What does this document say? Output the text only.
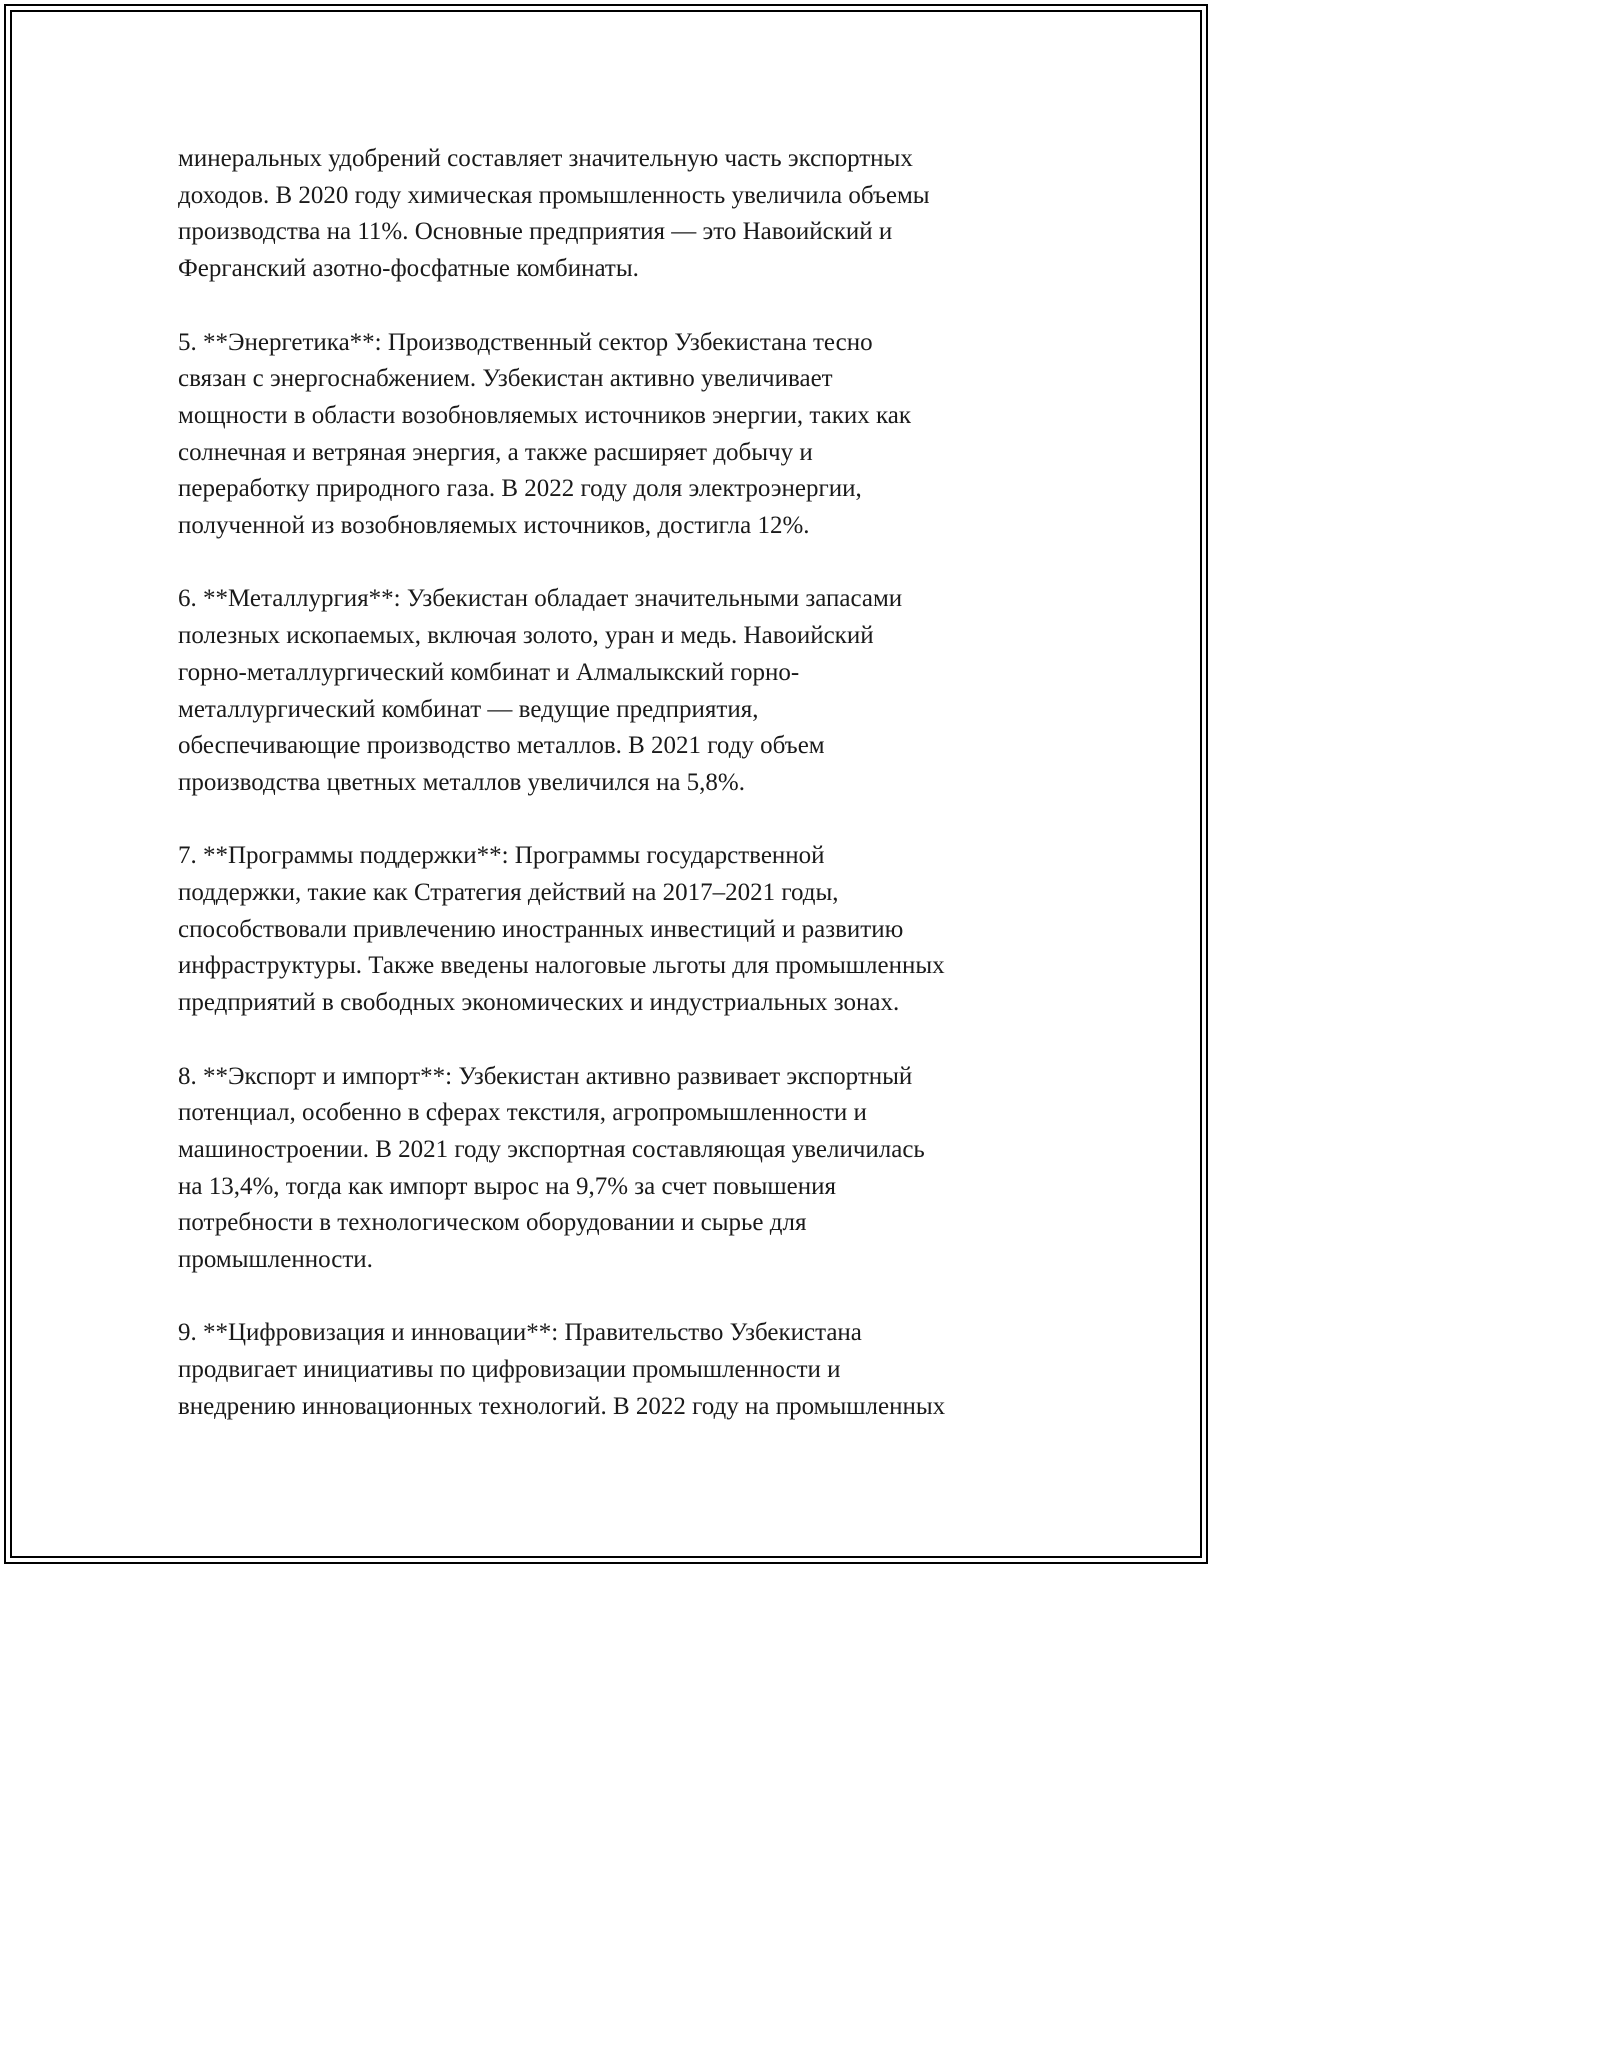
минеральных удобрений составляет значительную часть экспортных
доходов. В 2020 году химическая промышленность увеличила объемы
производства на 11%. Основные предприятия — это Навоийский и
Ферганский азотно-фосфатные комбинаты.

5. **Энергетика**: Производственный сектор Узбекистана тесно
связан с энергоснабжением. Узбекистан активно увеличивает
мощности в области возобновляемых источников энергии, таких как
солнечная и ветряная энергия, а также расширяет добычу и
переработку природного газа. В 2022 году доля электроэнергии,
полученной из возобновляемых источников, достигла 12%.

6. **Металлургия**: Узбекистан обладает значительными запасами
полезных ископаемых, включая золото, уран и медь. Навоийский
горно-металлургический комбинат и Алмалыкский горно-
металлургический комбинат — ведущие предприятия,
обеспечивающие производство металлов. В 2021 году объем
производства цветных металлов увеличился на 5,8%.

7. **Программы поддержки**: Программы государственной
поддержки, такие как Стратегия действий на 2017–2021 годы,
способствовали привлечению иностранных инвестиций и развитию
инфраструктуры. Также введены налоговые льготы для промышленных
предприятий в свободных экономических и индустриальных зонах.

8. **Экспорт и импорт**: Узбекистан активно развивает экспортный
потенциал, особенно в сферах текстиля, агропромышленности и
машиностроении. В 2021 году экспортная составляющая увеличилась
на 13,4%, тогда как импорт вырос на 9,7% за счет повышения
потребности в технологическом оборудовании и сырье для
промышленности.

9. **Цифровизация и инновации**: Правительство Узбекистана
продвигает инициативы по цифровизации промышленности и
внедрению инновационных технологий. В 2022 году на промышленных
